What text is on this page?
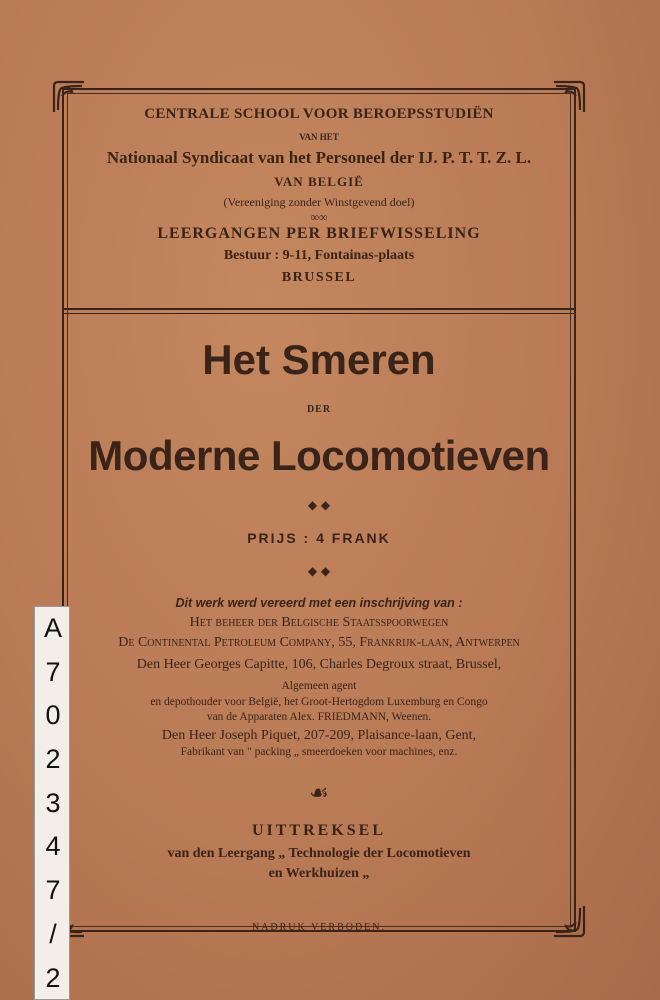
CENTRALE SCHOOL VOOR BEROEPSSTUDIËN
VAN HET
Nationaal Syndicaat van het Personeel der IJ. P. T. T. Z. L.
VAN BELGIË
(Vereeniging zonder Winstgevend doel)
∞∞
LEERGANGEN PER BRIEFWISSELING
Bestuur : 9-11, Fontainas-plaats
BRUSSEL
Het Smeren
DER
Moderne Locomotieven
◆ ◆
PRIJS : 4 FRANK
◆ ◆
Dit werk werd vereerd met een inschrijving van :
Het beheer der Belgische Staatsspoorwegen
De Continental Petroleum Company, 55, Frankrijk-laan, Antwerpen
Den Heer Georges Capitte, 106, Charles Degroux straat, Brussel,
Algemeen agent
en depothouder voor België, het Groot-Hertogdom Luxemburg en Congo
van de Apparaten Alex. FRIEDMANN, Weenen.
Den Heer Joseph Piquet, 207-209, Plaisance-laan, Gent,
Fabrikant van " packing „ smeerdoeken voor machines, enz.
☙
UITTREKSEL
van den Leergang „ Technologie der Locomotieven
en Werkhuizen „
NADRUK VERBODEN.
A
7
0
2
3
4
7
/
2
